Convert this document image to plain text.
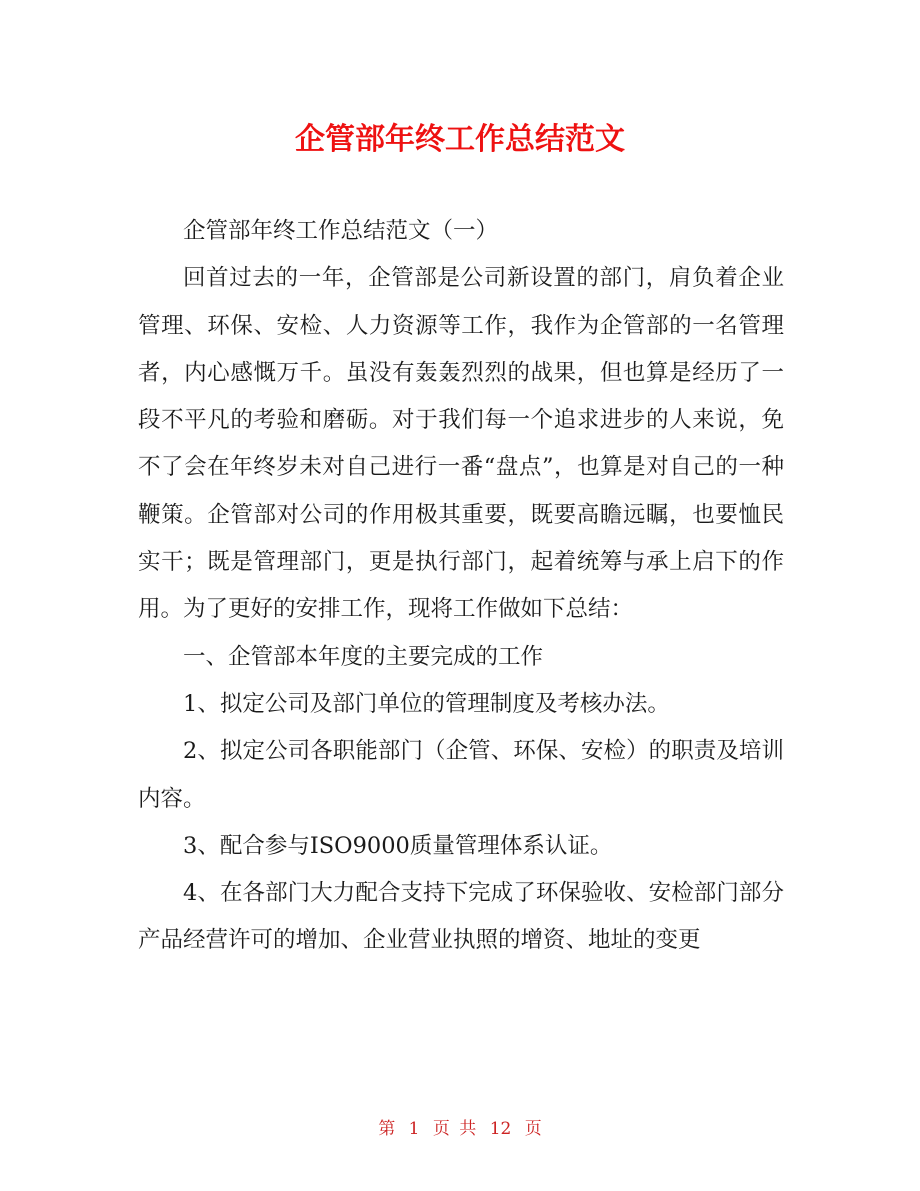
企管部年终工作总结范文

企管部年终工作总结范文（一）

回首过去的一年，企管部是公司新设置的部门，肩负着企业管理、环保、安检、人力资源等工作，我作为企管部的一名管理者，内心感慨万千。虽没有轰轰烈烈的战果，但也算是经历了一段不平凡的考验和磨砺。对于我们每一个追求进步的人来说，免不了会在年终岁未对自己进行一番“盘点”，也算是对自己的一种鞭策。企管部对公司的作用极其重要，既要高瞻远瞩，也要恤民实干；既是管理部门，更是执行部门，起着统筹与承上启下的作用。为了更好的安排工作，现将工作做如下总结：

一、企管部本年度的主要完成的工作

1、拟定公司及部门单位的管理制度及考核办法。

2、拟定公司各职能部门（企管、环保、安检）的职责及培训内容。

3、配合参与ISO9000质量管理体系认证。

4、在各部门大力配合支持下完成了环保验收、安检部门部分产品经营许可的增加、企业营业执照的增资、地址的变更

第 1 页 共 12 页
